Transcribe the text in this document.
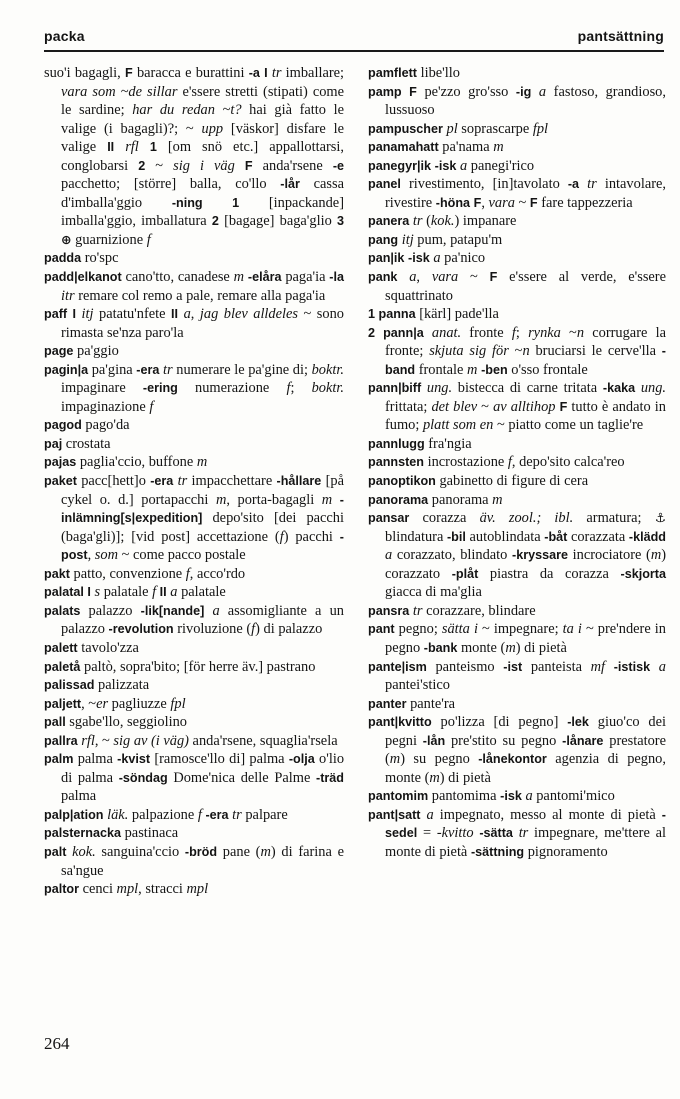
packa	pantsättning

suo'i bagagli, F baracca e burattini -a I tr imballare; vara som ~de sillar e'ssere stretti (stipati) come le sardine; har du redan ~t? hai già fatto le valige (i bagagli)?; ~ upp [väskor] disfare le valige II rfl 1 [om snö etc.] appallottarsi, conglobarsi 2 ~ sig i väg F anda'rsene -e pacchetto; [större] balla, co'llo -lår cassa d'imballa'ggio -ning 1 [inpackande] imballa'ggio, imballatura 2 [bagage] baga'glio 3 ⊕ guarnizione f

padda ro'spc

padd|elkanot cano'tto, canadese m -elåra paga'ia -la itr remare col remo a pale, remare alla paga'ia

paff I itj patatu'nfete II a, jag blev alldeles ~ sono rimasta se'nza paro'la

page pa'ggio

pagin|a pa'gina -era tr numerare le pa'gine di; boktr. impaginare -ering numerazione f; boktr. impaginazione f

pagod pago'da

paj crostata

pajas paglia'ccio, buffone m

paket pacc[hett]o -era tr impacchettare -hållare [på cykel o. d.] portapacchi m, porta-bagagli m -inlämning[s|expedition] depo'sito [dei pacchi (baga'gli)]; [vid post] accettazione (f) pacchi -post, som ~ come pacco postale

pakt patto, convenzione f, acco'rdo

palatal I s palatale f II a palatale

palats palazzo -lik[nande] a assomigliante a un palazzo -revolution rivoluzione (f) di palazzo

palett tavolo'zza

paletå paltò, sopra'bito; [för herre äv.] pastrano

palissad palizzata

paljett, ~er pagliuzze fpl

pall sgabe'llo, seggiolino

pallra rfl, ~ sig av (i väg) anda'rsene, squaglia'rsela

palm palma -kvist [ramosce'llo di] palma -olja o'lio di palma -söndag Dome'nica delle Palme -träd palma

palp|ation läk. palpazione f -era tr palpare

palsternacka pastinaca

palt kok. sanguina'ccio -bröd pane (m) di farina e sa'ngue

paltor cenci mpl, stracci mpl

pamflett libe'llo

pamp F pe'zzo gro'sso -ig a fastoso, grandioso, lussuoso

pampuscher pl soprascarpe fpl

panamahatt pa'nama m

panegyr|ik -isk a panegi'rico

panel rivestimento, [in]tavolato -a tr intavolare, rivestire -höna F, vara ~ F fare tappezzeria

panera tr (kok.) impanare

pang itj pum, patapu'm

pan|ik -isk a pa'nico

pank a, vara ~ F e'ssere al verde, e'ssere squattrinato

1 panna [kärl] pade'lla

2 pann|a anat. fronte f; rynka ~n corrugare la fronte; skjuta sig för ~n bruciarsi le cerve'lla -band frontale m -ben o'sso frontale

pann|biff ung. bistecca di carne tritata -kaka ung. frittata; det blev ~ av alltihop F tutto è andato in fumo; platt som en ~ piatto come un taglie're

pannlugg fra'ngia

pannsten incrostazione f, depo'sito calca'reo

panoptikon gabinetto di figure di cera

panorama panorama m

pansar corazza äv. zool.; ibl. armatura; ⚓ blindatura -bil autoblindata -båt corazzata -klädd a corazzato, blindato -kryssare incrociatore (m) corazzato -plåt piastra da corazza -skjorta giacca di ma'glia

pansra tr corazzare, blindare

pant pegno; sätta i ~ impegnare; ta i ~ pre'ndere in pegno -bank monte (m) di pietà

pante|ism panteismo -ist panteista mf -istisk a pantei'stico

panter pante'ra

pant|kvitto po'lizza [di pegno] -lek giuo'co dei pegni -lån pre'stito su pegno -lånare prestatore (m) su pegno -lånekontor agenzia di pegno, monte (m) di pietà

pantomim pantomima -isk a pantomi'mico

pant|satt a impegnato, messo al monte di pietà -sedel = -kvitto -sätta tr impegnare, me'ttere al monte di pietà -sättning pignoramento

264
